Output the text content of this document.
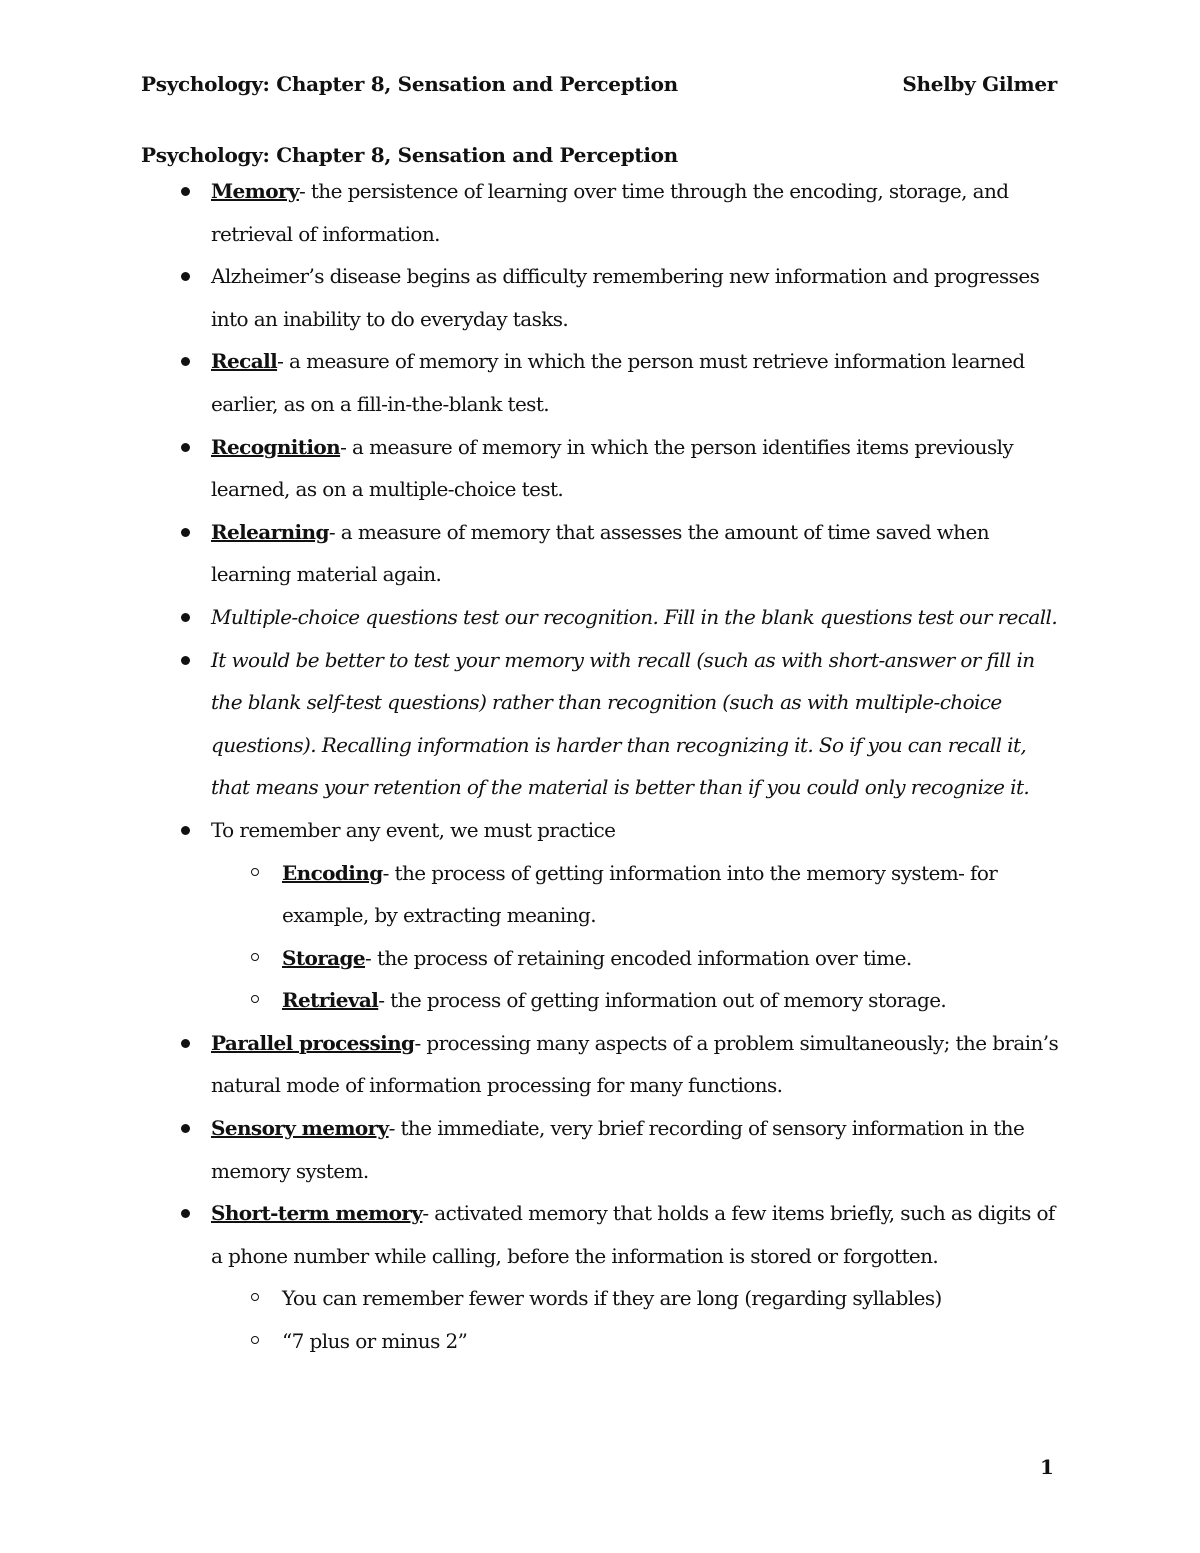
Psychology: Chapter 8, Sensation and Perception	Shelby Gilmer
Psychology: Chapter 8, Sensation and Perception
Memory- the persistence of learning over time through the encoding, storage, and retrieval of information.
Alzheimer’s disease begins as difficulty remembering new information and progresses into an inability to do everyday tasks.
Recall- a measure of memory in which the person must retrieve information learned earlier, as on a fill-in-the-blank test.
Recognition- a measure of memory in which the person identifies items previously learned, as on a multiple-choice test.
Relearning- a measure of memory that assesses the amount of time saved when learning material again.
Multiple-choice questions test our recognition. Fill in the blank questions test our recall.
It would be better to test your memory with recall (such as with short-answer or fill in the blank self-test questions) rather than recognition (such as with multiple-choice questions). Recalling information is harder than recognizing it. So if you can recall it, that means your retention of the material is better than if you could only recognize it.
To remember any event, we must practice
Encoding- the process of getting information into the memory system- for example, by extracting meaning.
Storage- the process of retaining encoded information over time.
Retrieval- the process of getting information out of memory storage.
Parallel processing- processing many aspects of a problem simultaneously; the brain’s natural mode of information processing for many functions.
Sensory memory- the immediate, very brief recording of sensory information in the memory system.
Short-term memory- activated memory that holds a few items briefly, such as digits of a phone number while calling, before the information is stored or forgotten.
You can remember fewer words if they are long (regarding syllables)
“7 plus or minus 2”
1
